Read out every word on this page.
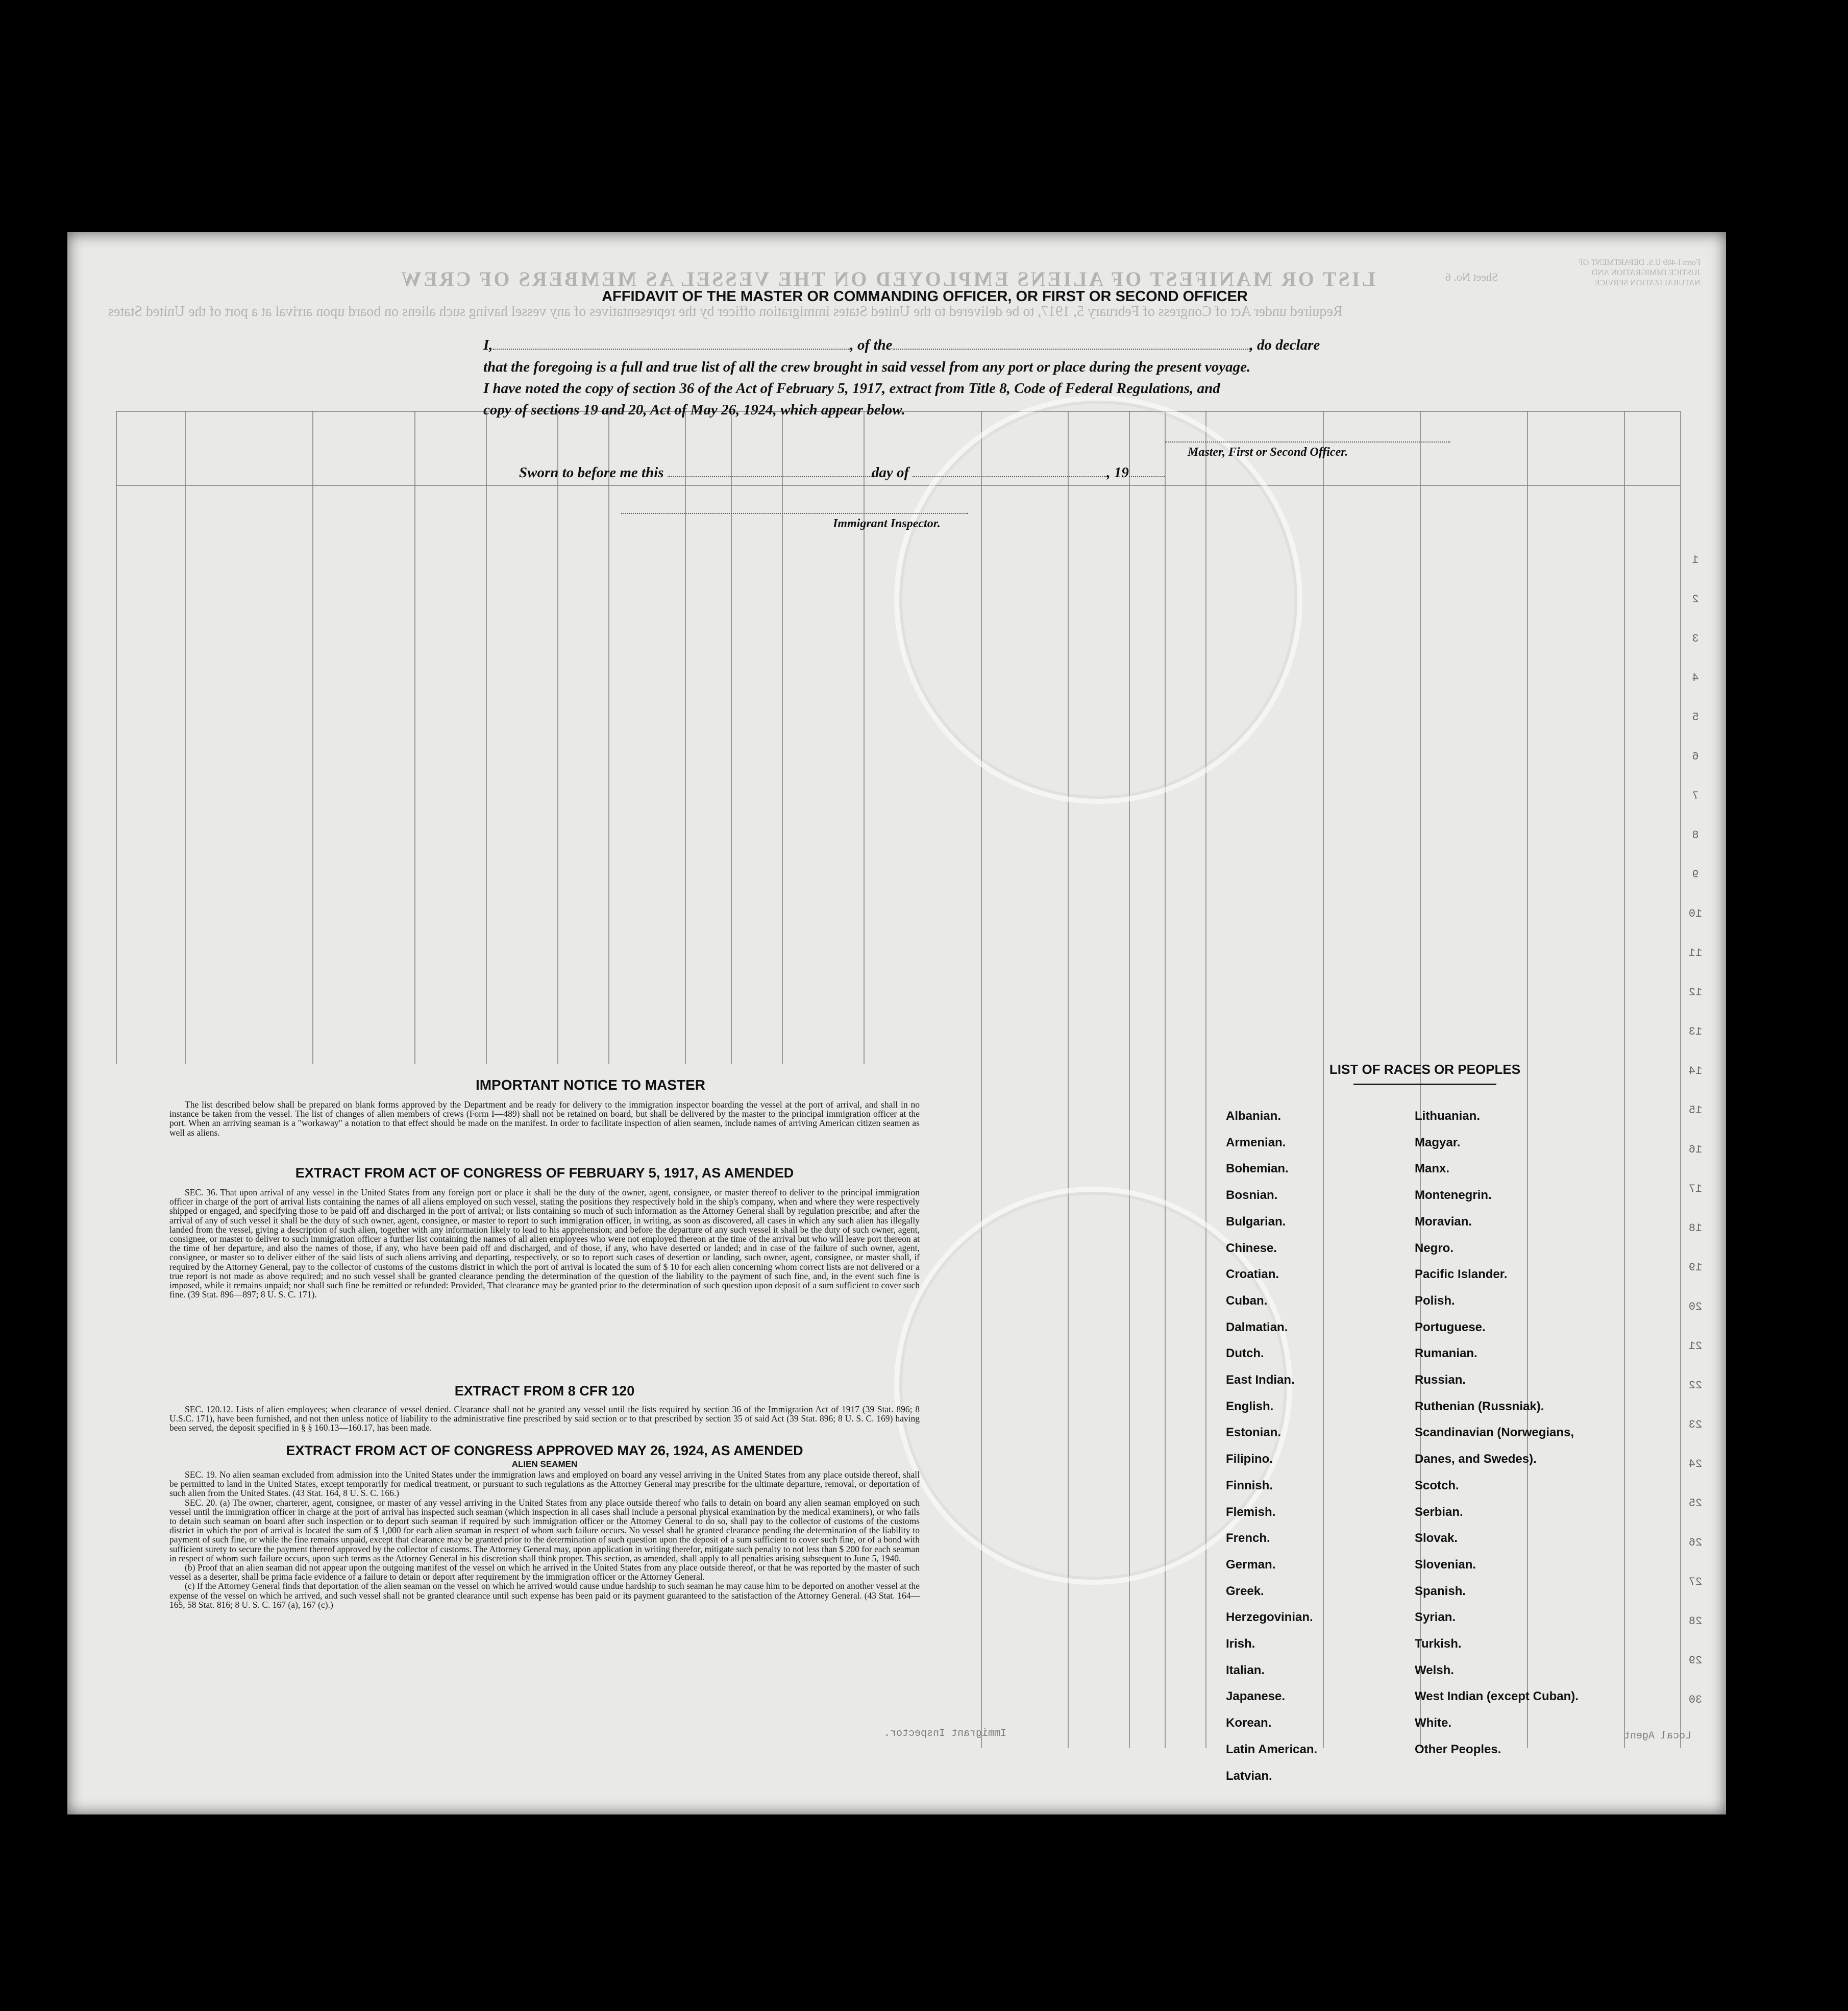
LIST OR MANIFEST OF ALIENS EMPLOYED ON THE VESSEL AS MEMBERS OF CREW
Required under Act of Congress of February 5, 1917, to be delivered to the United States immigration officer by the representatives of any vessel having such aliens on board upon arrival at a port of the United States
Form I-489 U.S. DEPARTMENT OF JUSTICE IMMIGRATION AND NATURALIZATION SERVICE
Sheet No. 6
1
2
3
4
5
6
7
8
9
10
11
12
13
14
15
16
17
18
19
20
21
22
23
24
25
26
27
28
29
30
AFFIDAVIT OF THE MASTER OR COMMANDING OFFICER, OR FIRST OR SECOND OFFICER
I,	, of the	, do declare
that the foregoing is a full and true list of all the crew brought in said vessel from any port or place during the present voyage.
I have noted the copy of section 36 of the Act of February 5, 1917, extract from Title 8, Code of Federal Regulations, and
copy of sections 19 and 20, Act of May 26, 1924, which appear below.
Master, First or Second Officer.
Sworn to before me this	day of	, 19
Immigrant Inspector.
IMPORTANT NOTICE TO MASTER

The list described below shall be prepared on blank forms approved by the Department and be ready for delivery to the immigration inspector boarding the vessel at the port of arrival, and shall in no instance be taken from the vessel. The list of changes of alien members of crews (Form I—489) shall not be retained on board, but shall be delivered by the master to the principal immigration officer at the port. When an arriving seaman is a "workaway" a notation to that effect should be made on the manifest. In order to facilitate inspection of alien seamen, include names of arriving American citizen seamen as well as aliens.

EXTRACT FROM ACT OF CONGRESS OF FEBRUARY 5, 1917, AS AMENDED

SEC. 36. That upon arrival of any vessel in the United States from any foreign port or place it shall be the duty of the owner, agent, consignee, or master thereof to deliver to the principal immigration officer in charge of the port of arrival lists containing the names of all aliens employed on such vessel, stating the positions they respectively hold in the ship's company, when and where they were respectively shipped or engaged, and specifying those to be paid off and discharged in the port of arrival; or lists containing so much of such information as the Attorney General shall by regulation prescribe; and after the arrival of any of such vessel it shall be the duty of such owner, agent, consignee, or master to report to such immigration officer, in writing, as soon as discovered, all cases in which any such alien has illegally landed from the vessel, giving a description of such alien, together with any information likely to lead to his apprehension; and before the departure of any such vessel it shall be the duty of such owner, agent, consignee, or master to deliver to such immigration officer a further list containing the names of all alien employees who were not employed thereon at the time of the arrival but who will leave port thereon at the time of her departure, and also the names of those, if any, who have been paid off and discharged, and of those, if any, who have deserted or landed; and in case of the failure of such owner, agent, consignee, or master so to deliver either of the said lists of such aliens arriving and departing, respectively, or so to report such cases of desertion or landing, such owner, agent, consignee, or master shall, if required by the Attorney General, pay to the collector of customs of the customs district in which the port of arrival is located the sum of $ 10 for each alien concerning whom correct lists are not delivered or a true report is not made as above required; and no such vessel shall be granted clearance pending the determination of the question of the liability to the payment of such fine, and, in the event such fine is imposed, while it remains unpaid; nor shall such fine be remitted or refunded: Provided, That clearance may be granted prior to the determination of such question upon deposit of a sum sufficient to cover such fine. (39 Stat. 896—897; 8 U. S. C. 171).

EXTRACT FROM 8 CFR 120

SEC. 120.12. Lists of alien employees; when clearance of vessel denied. Clearance shall not be granted any vessel until the lists required by section 36 of the Immigration Act of 1917 (39 Stat. 896; 8 U.S.C. 171), have been furnished, and not then unless notice of liability to the administrative fine prescribed by said section or to that prescribed by section 35 of said Act (39 Stat. 896; 8 U. S. C. 169) having been served, the deposit specified in § § 160.13—160.17, has been made.

EXTRACT FROM ACT OF CONGRESS APPROVED MAY 26, 1924, AS AMENDED
ALIEN SEAMEN

SEC. 19. No alien seaman excluded from admission into the United States under the immigration laws and employed on board any vessel arriving in the United States from any place outside thereof, shall be permitted to land in the United States, except temporarily for medical treatment, or pursuant to such regulations as the Attorney General may prescribe for the ultimate departure, removal, or deportation of such alien from the United States. (43 Stat. 164, 8 U. S. C. 166.)

SEC. 20. (a) The owner, charterer, agent, consignee, or master of any vessel arriving in the United States from any place outside thereof who fails to detain on board any alien seaman employed on such vessel until the immigration officer in charge at the port of arrival has inspected such seaman (which inspection in all cases shall include a personal physical examination by the medical examiners), or who fails to detain such seaman on board after such inspection or to deport such seaman if required by such immigration officer or the Attorney General to do so, shall pay to the collector of customs of the customs district in which the port of arrival is located the sum of $ 1,000 for each alien seaman in respect of whom such failure occurs. No vessel shall be granted clearance pending the determination of the liability to payment of such fine, or while the fine remains unpaid, except that clearance may be granted prior to the determination of such question upon the deposit of a sum sufficient to cover such fine, or of a bond with sufficient surety to secure the payment thereof approved by the collector of customs. The Attorney General may, upon application in writing therefor, mitigate such penalty to not less than $ 200 for each seaman in respect of whom such failure occurs, upon such terms as the Attorney General in his discretion shall think proper. This section, as amended, shall apply to all penalties arising subsequent to June 5, 1940.

(b) Proof that an alien seaman did not appear upon the outgoing manifest of the vessel on which he arrived in the United States from any place outside thereof, or that he was reported by the master of such vessel as a deserter, shall be prima facie evidence of a failure to detain or deport after requirement by the immigration officer or the Attorney General.

(c) If the Attorney General finds that deportation of the alien seaman on the vessel on which he arrived would cause undue hardship to such seaman he may cause him to be deported on another vessel at the expense of the vessel on which he arrived, and such vessel shall not be granted clearance until such expense has been paid or its payment guaranteed to the satisfaction of the Attorney General. (43 Stat. 164—165, 58 Stat. 816; 8 U. S. C. 167 (a), 167 (c).)

LIST OF RACES OR PEOPLES
Albanian.
Armenian.
Bohemian.
Bosnian.
Bulgarian.
Chinese.
Croatian.
Cuban.
Dalmatian.
Dutch.
East Indian.
English.
Estonian.
Filipino.
Finnish.
Flemish.
French.
German.
Greek.
Herzegovinian.
Irish.
Italian.
Japanese.
Korean.
Latin American.
Latvian.
Lithuanian.
Magyar.
Manx.
Montenegrin.
Moravian.
Negro.
Pacific Islander.
Polish.
Portuguese.
Rumanian.
Russian.
Ruthenian (Russniak).
Scandinavian (Norwegians,
Danes, and Swedes).
Scotch.
Serbian.
Slovak.
Slovenian.
Spanish.
Syrian.
Turkish.
Welsh.
West Indian (except Cuban).
White.
Other Peoples.
Immigrant Inspector.	Local Agent
